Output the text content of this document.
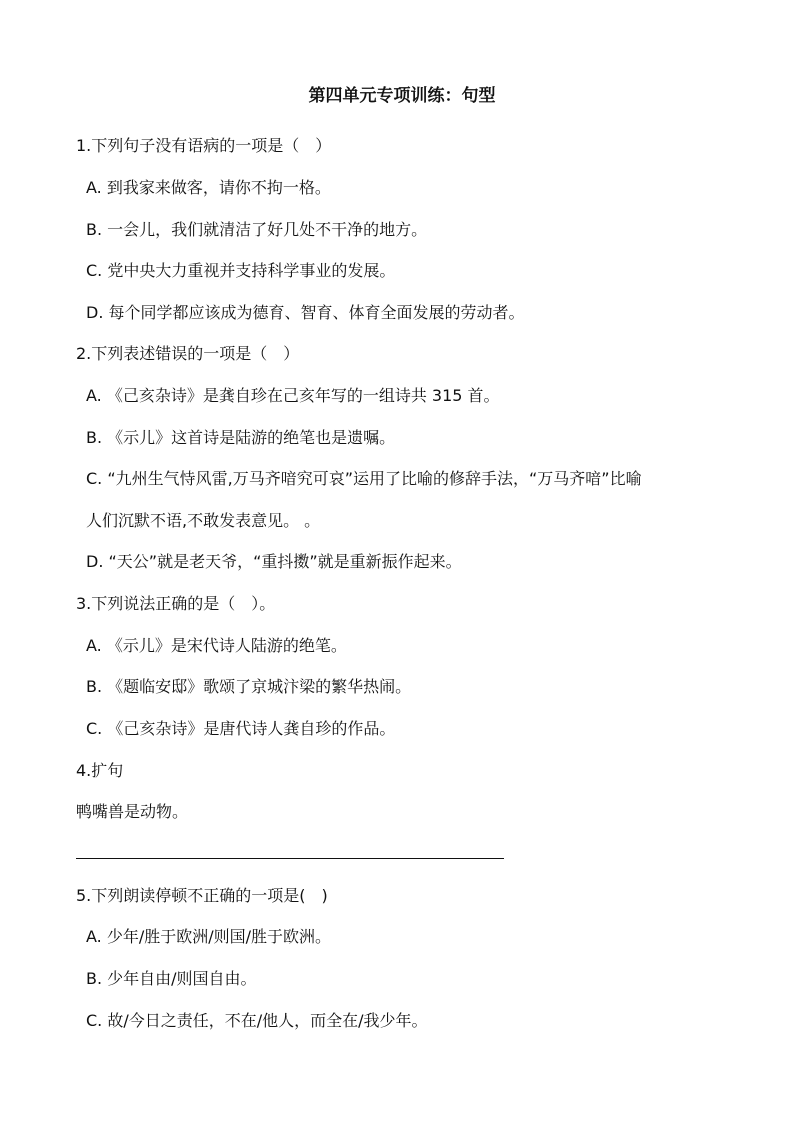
第四单元专项训练：句型
1.下列句子没有语病的一项是（　）
A. 到我家来做客，请你不拘一格。
B. 一会儿，我们就清洁了好几处不干净的地方。
C. 党中央大力重视并支持科学事业的发展。
D. 每个同学都应该成为德育、智育、体育全面发展的劳动者。
2.下列表述错误的一项是（　）
A. 《己亥杂诗》是龚自珍在己亥年写的一组诗共 315 首。
B. 《示儿》这首诗是陆游的绝笔也是遗嘱。
C. “九州生气恃风雷,万马齐喑究可哀”运用了比喻的修辞手法，“万马齐喑”比喻
人们沉默不语,不敢发表意见。 。
D. “天公”就是老天爷，“重抖擞”就是重新振作起来。
3.下列说法正确的是（　）。
A. 《示儿》是宋代诗人陆游的绝笔。
B. 《题临安邸》歌颂了京城汴梁的繁华热闹。
C. 《己亥杂诗》是唐代诗人龚自珍的作品。
4.扩句
鸭嘴兽是动物。
5.下列朗读停顿不正确的一项是(　)
A. 少年/胜于欧洲/则国/胜于欧洲。
B. 少年自由/则国自由。
C. 故/今日之责任，不在/他人，而全在/我少年。
